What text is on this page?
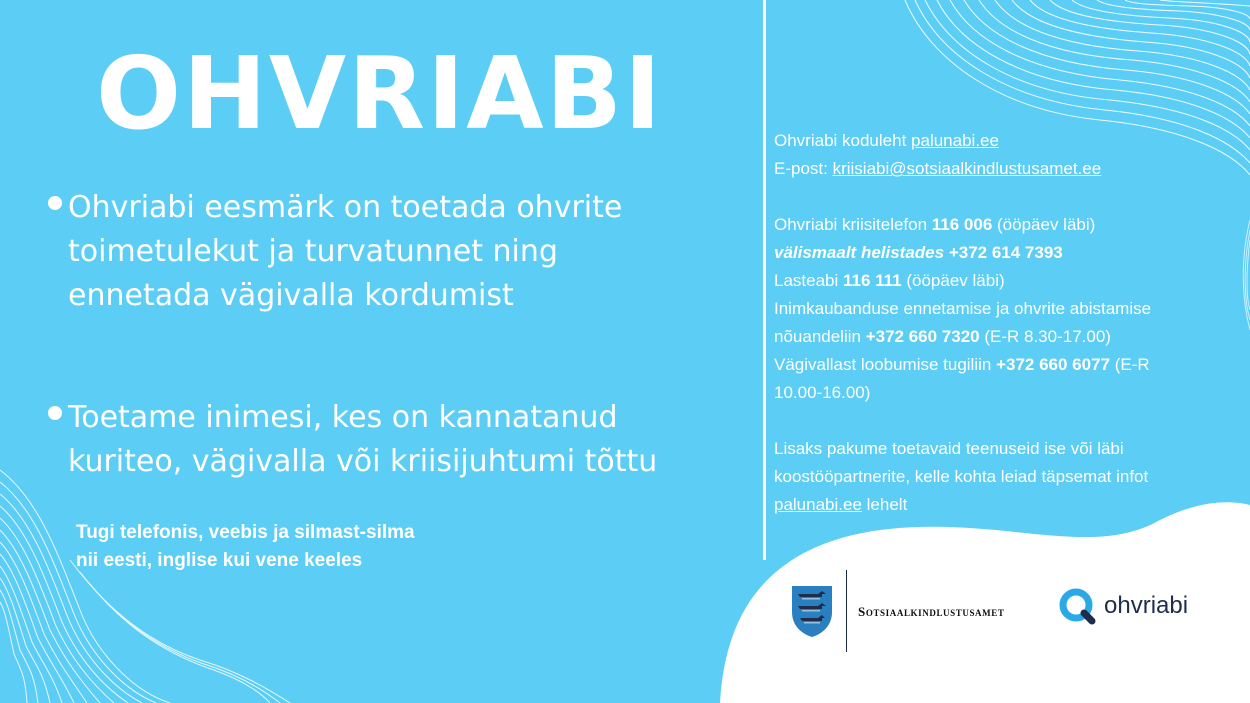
OHVRIABI
Ohvriabi eesmärk on toetada ohvrite toimetulekut ja turvatunnet ning ennetada vägivalla kordumist
Toetame inimesi, kes on kannatanud kuriteo, vägivalla või kriisijuhtumi tõttu
Tugi telefonis, veebis ja silmast-silma
nii eesti, inglise kui vene keeles
Ohvriabi koduleht palunabi.ee
E-post: kriisiabi@sotsiaalkindlustusamet.ee
Ohvriabi kriisitelefon 116 006 (ööpäev läbi)
välismaalt helistades +372 614 7393
Lasteabi 116 111 (ööpäev läbi)
Inimkaubanduse ennetamise ja ohvrite abistamise
nõuandeliin +372 660 7320 (E-R 8.30-17.00)
Vägivallast loobumise tugiliin +372 660 6077 (E-R
10.00-16.00)
Lisaks pakume toetavaid teenuseid ise või läbi
koostööpartnerite, kelle kohta leiad täpsemat infot
palunabi.ee lehelt
Sotsiaalkindlustusamet	ohvriabi
